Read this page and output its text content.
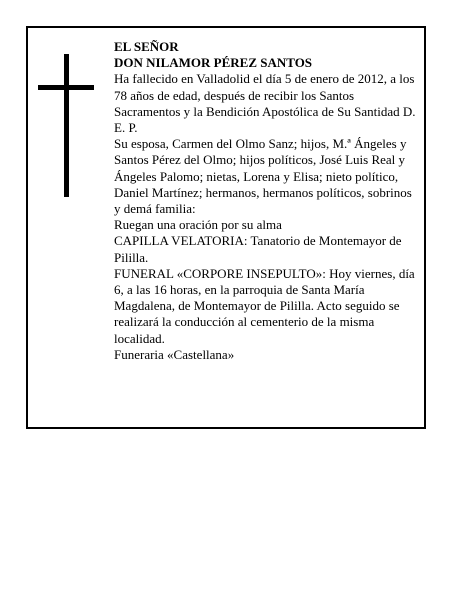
EL SEÑOR

DON NILAMOR PÉREZ SANTOS

Ha fallecido en Valladolid el día 5 de enero de 2012, a los 78 años de edad, después de recibir los Santos Sacramentos y la Bendición Apostólica de Su Santidad D. E. P.

Su esposa, Carmen del Olmo Sanz; hijos, M.ª Ángeles y Santos Pérez del Olmo; hijos políticos, José Luis Real y Ángeles Palomo; nietas, Lorena y Elisa; nieto político, Daniel Martínez; hermanos, hermanos políticos, sobrinos y demá familia:

Ruegan una oración por su alma

CAPILLA VELATORIA: Tanatorio de Montemayor de Pililla.

FUNERAL «CORPORE INSEPULTO»: Hoy viernes, día 6, a las 16 horas, en la parroquia de Santa María Magdalena, de Montemayor de Pililla. Acto seguido se realizará la conducción al cementerio de la misma localidad.

Funeraria «Castellana»
